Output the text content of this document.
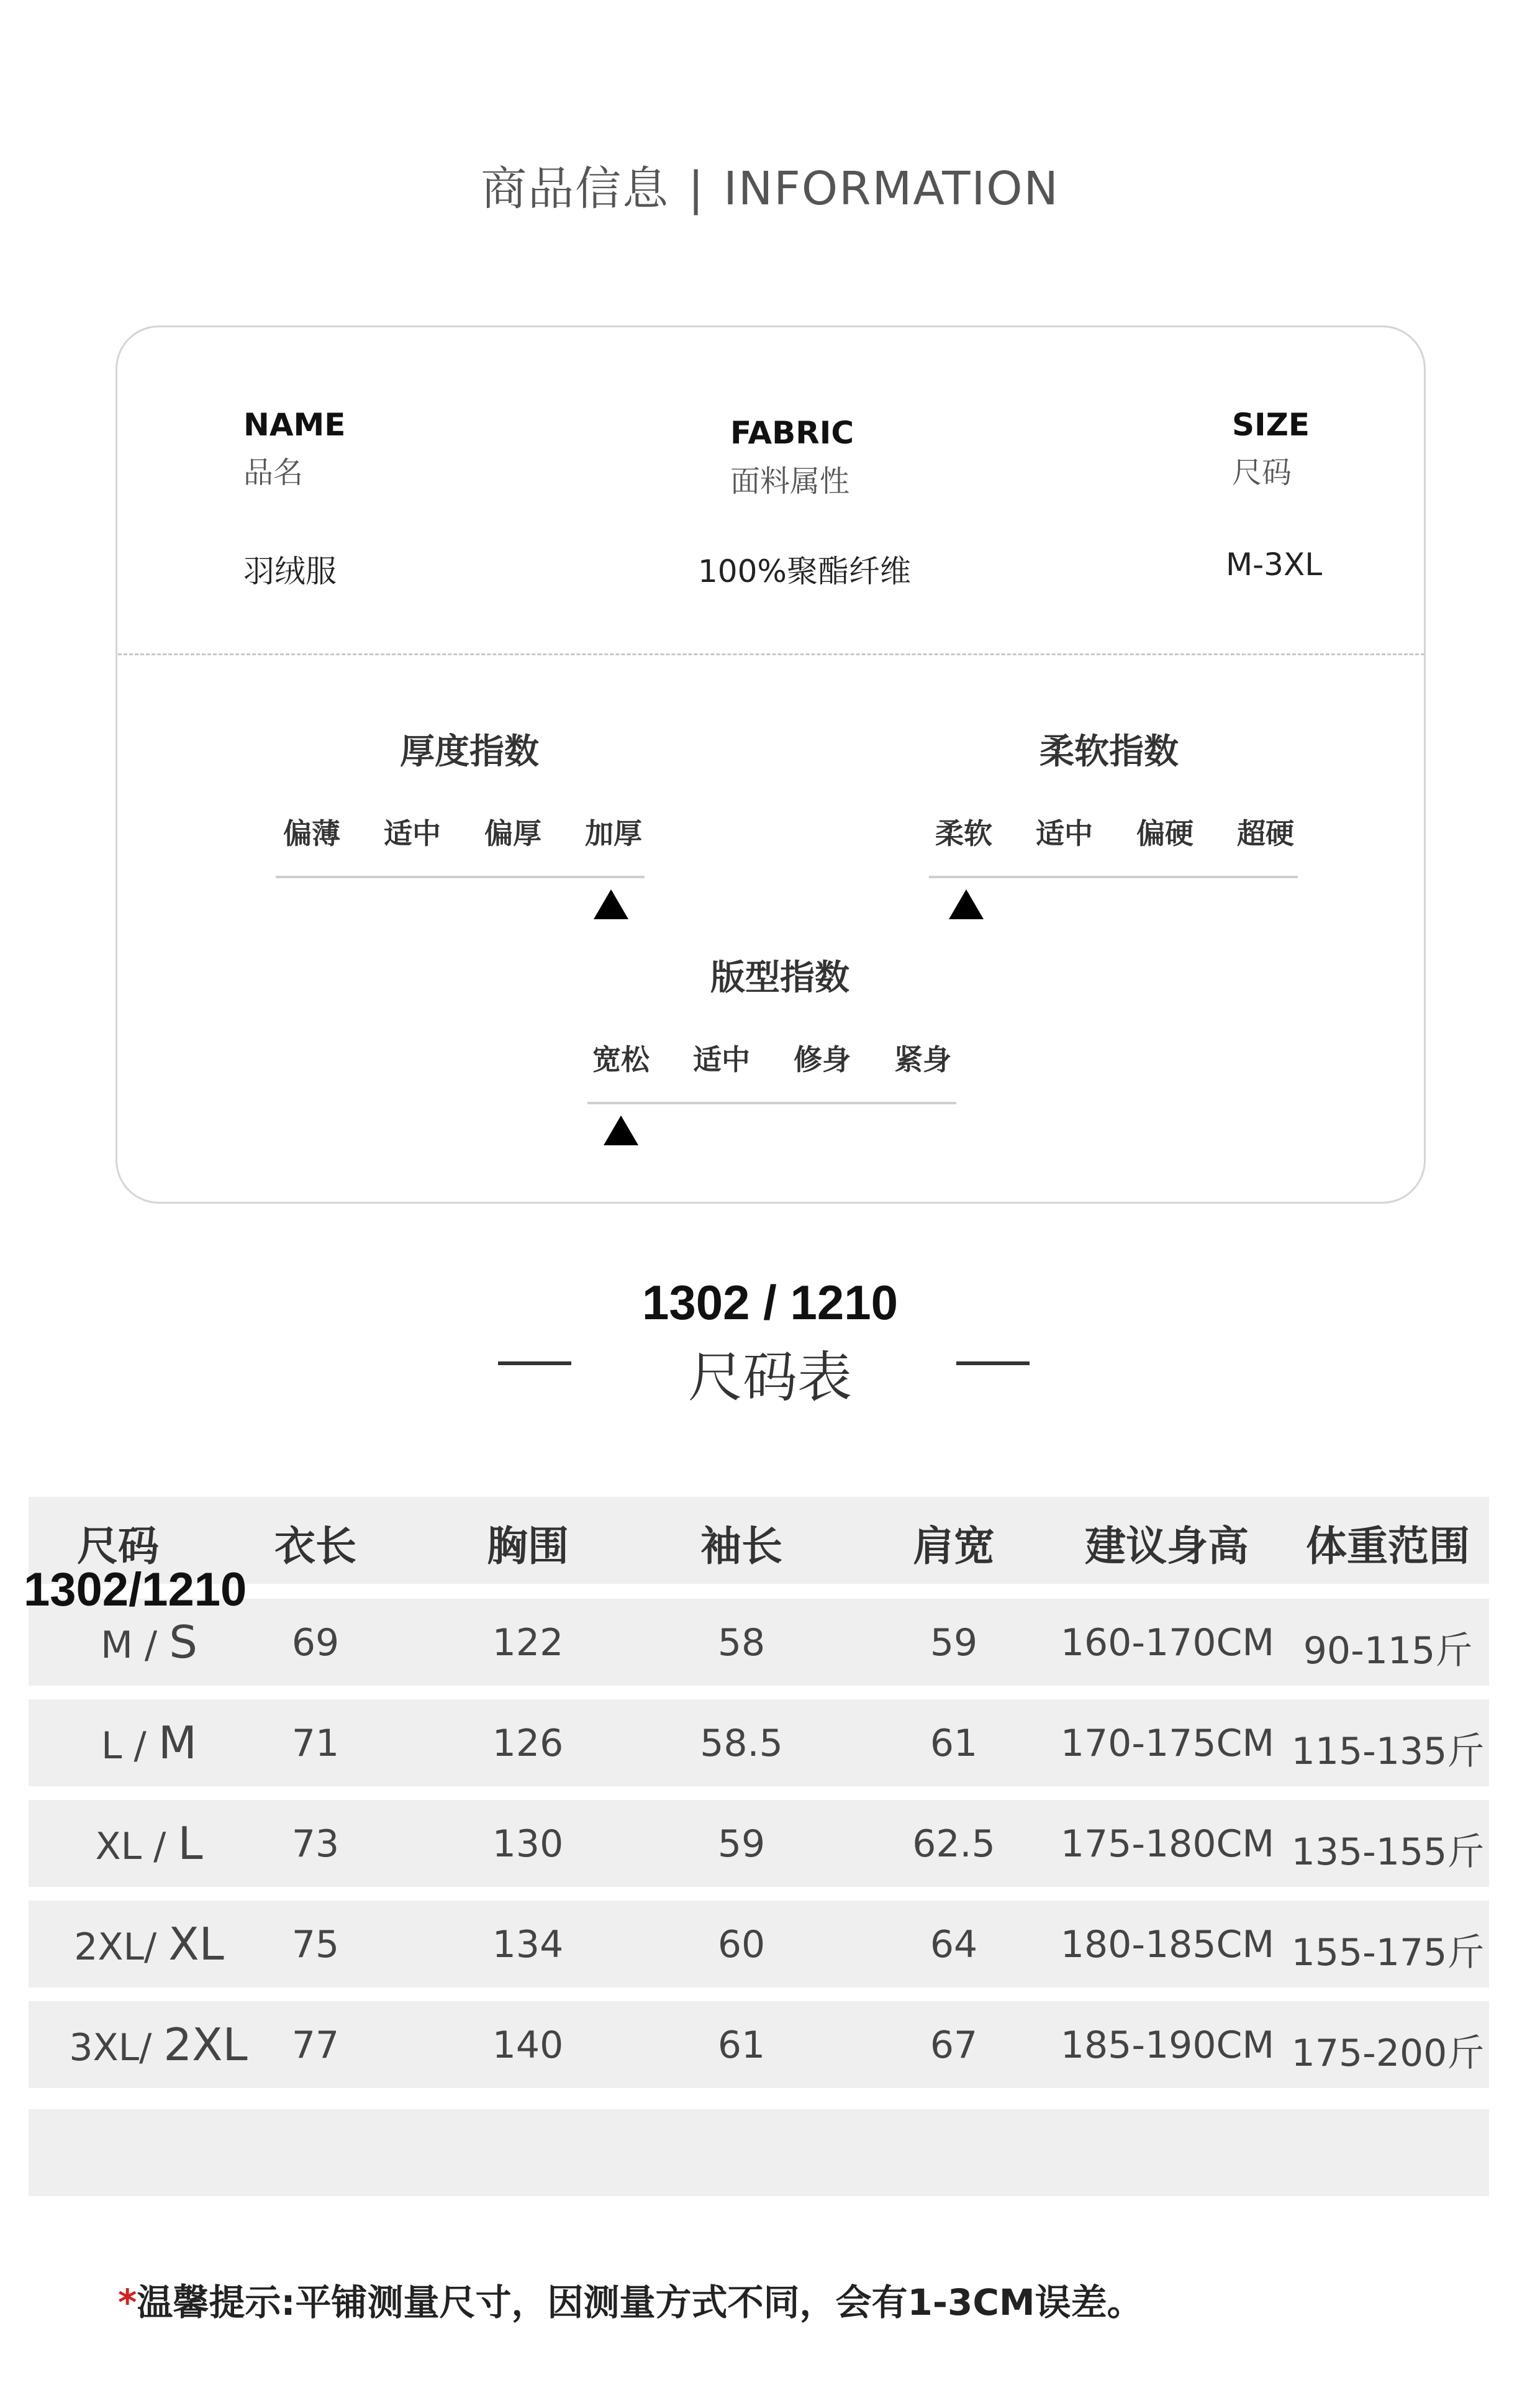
商品信息 | INFORMATION
NAME
品名
羽绒服
FABRIC
面料属性
100%聚酯纤维
SIZE
尺码
M-3XL
厚度指数
偏薄 适中 偏厚 加厚
柔软指数
柔软 适中 偏硬 超硬
版型指数
宽松 适中 修身 紧身
1302 / 1210
尺码表
尺码	衣长	胸围	袖长	肩宽	建议身高	体重范围
1302/1210
M / S	69	122	58	59	160-170CM 90-115斤
L / M	71	126	58.5	61	170-175CM 115-135斤
XL / L	73	130	59	62.5	175-180CM 135-155斤
2XL/ XL	75	134	60	64	180-185CM 155-175斤
3XL/ 2XL	77	140	61	67	185-190CM 175-200斤
*温馨提示:平铺测量尺寸，因测量方式不同，会有1-3CM误差。
